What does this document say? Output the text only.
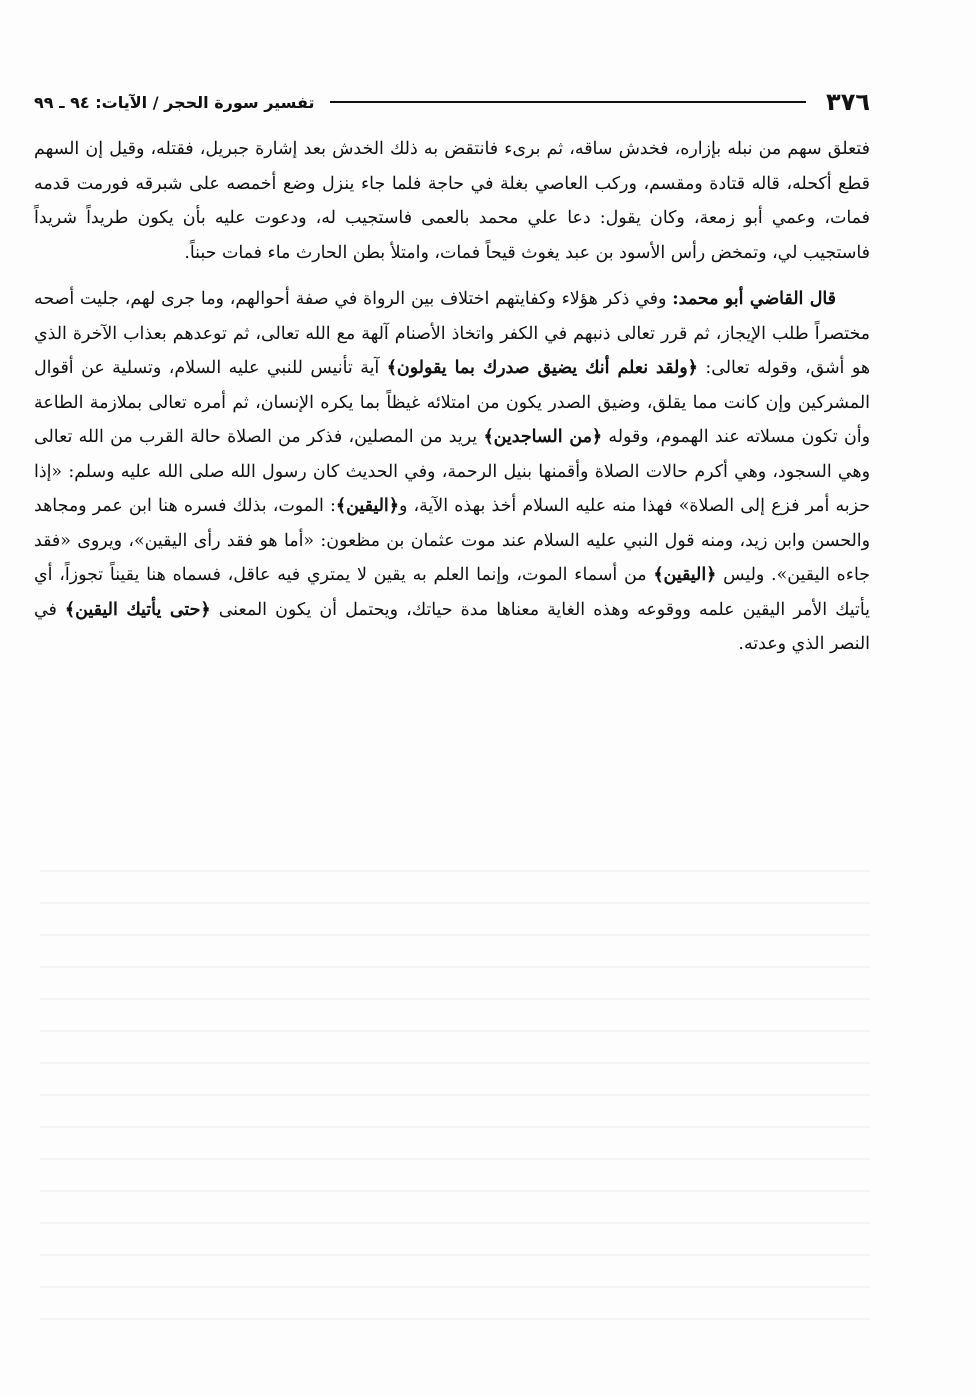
٣٧٦
تفسير سورة الحجر / الآيات: ٩٤ ـ ٩٩

فتعلق سهم من نبله بإزاره، فخدش ساقه، ثم برىء فانتقض به ذلك الخدش بعد إشارة جبريل، فقتله، وقيل إن السهم قطع أكحله، قاله قتادة ومقسم، وركب العاصي بغلة في حاجة فلما جاء ينزل وضع أخمصه على شبرقه فورمت قدمه فمات، وعمي أبو زمعة، وكان يقول: دعا علي محمد بالعمى فاستجيب له، ودعوت عليه بأن يكون طريداً شريداً فاستجيب لي، وتمخض رأس الأسود بن عبد يغوث قيحاً فمات، وامتلأ بطن الحارث ماء فمات حبناً.

قال القاضي أبو محمد: وفي ذكر هؤلاء وكفايتهم اختلاف بين الرواة في صفة أحوالهم، وما جرى لهم، جليت أصحه مختصراً طلب الإيجاز، ثم قرر تعالى ذنبهم في الكفر واتخاذ الأصنام آلهة مع الله تعالى، ثم توعدهم بعذاب الآخرة الذي هو أشق، وقوله تعالى: ﴿ولقد نعلم أنك يضيق صدرك بما يقولون﴾ آية تأنيس للنبي عليه السلام، وتسلية عن أقوال المشركين وإن كانت مما يقلق، وضيق الصدر يكون من امتلائه غيظاً بما يكره الإنسان، ثم أمره تعالى بملازمة الطاعة وأن تكون مسلاته عند الهموم، وقوله ﴿من الساجدين﴾ يريد من المصلين، فذكر من الصلاة حالة القرب من الله تعالى وهي السجود، وهي أكرم حالات الصلاة وأقمنها بنيل الرحمة، وفي الحديث كان رسول الله صلى الله عليه وسلم: «إذا حزبه أمر فزع إلى الصلاة» فهذا منه عليه السلام أخذ بهذه الآية، و﴿اليقين﴾: الموت، بذلك فسره هنا ابن عمر ومجاهد والحسن وابن زيد، ومنه قول النبي عليه السلام عند موت عثمان بن مظعون: «أما هو فقد رأى اليقين»، ويروى «فقد جاءه اليقين». وليس ﴿اليقين﴾ من أسماء الموت، وإنما العلم به يقين لا يمتري فيه عاقل، فسماه هنا يقيناً تجوزاً، أي يأتيك الأمر اليقين علمه ووقوعه وهذه الغاية معناها مدة حياتك، ويحتمل أن يكون المعنى ﴿حتى يأتيك اليقين﴾ في النصر الذي وعدته.
